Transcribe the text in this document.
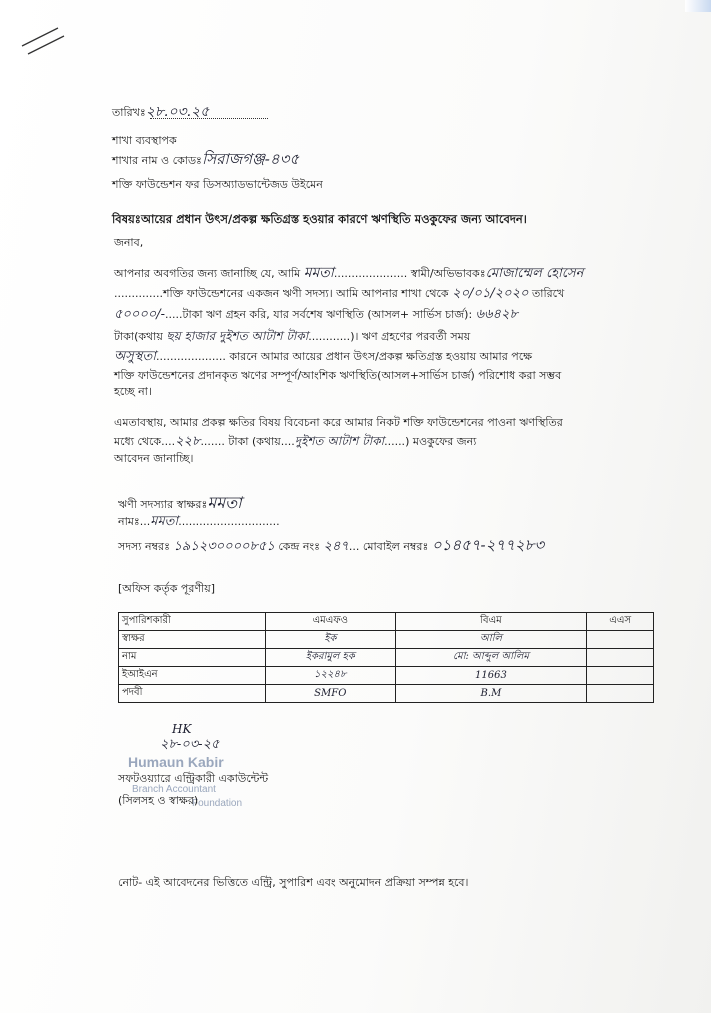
তারিখঃ২৮.০৩.২৫
শাখা ব্যবস্থাপক
শাখার নাম ও কোডঃসিরাজগঞ্জ-৪৩৫
শক্তি ফাউন্ডেশন ফর ডিসঅ্যাডভান্টেজড উইমেন
বিষয়ঃআয়ের প্রধান উৎস/প্রকল্প ক্ষতিগ্রস্ত হওয়ার কারণে ঋণস্থিতি মওকুফের জন্য আবেদন।
জনাব,
আপনার অবগতির জন্য জানাচ্ছি যে, আমি মমতা..................... স্বামী/অভিভাবকঃমোজাম্মেল হোসেন
..............শক্তি ফাউন্ডেশনের একজন ঋণী সদস্য। আমি আপনার শাখা থেকে ২০/০১/২০২০ তারিখে
৫০০০০/-.....টাকা ঋণ গ্রহন করি, যার সর্বশেষ ঋণস্থিতি (আসল+ সার্ভিস চার্জ): ৬৬৪২৮
টাকা(কথায় ছয় হাজার দুইশত আটাশ টাকা............)। ঋণ গ্রহণের পরবর্তী সময়
অসুস্থতা.................... কারনে আমার আয়ের প্রধান উৎস/প্রকল্প ক্ষতিগ্রস্ত হওয়ায় আমার পক্ষে
শক্তি ফাউন্ডেশনের প্রদানকৃত ঋণের সম্পূর্ণ/আংশিক ঋণস্থিতি(আসল+সার্ভিস চার্জ) পরিশোধ করা সম্ভব
হচ্ছে না।
এমতাবস্থায়, আমার প্রকল্প ক্ষতির বিষয় বিবেচনা করে আমার নিকট শক্তি ফাউন্ডেশনের পাওনা ঋণস্থিতির
মধ্যে থেকে....২২৮....... টাকা (কথায়....দুইশত আটাশ টাকা......) মওকুফের জন্য
আবেদন জানাচ্ছি।
ঋণী সদস্যার স্বাক্ষরঃমমতা
নামঃ...মমতা.............................
সদস্য নম্বরঃ ১৯১২৩০০০০৮৫১ কেন্দ্র নংঃ ২৪৭... মোবাইল নম্বরঃ ০১৪৫৭-২৭৭২৮৩
[অফিস কর্তৃক পূরণীয়]
সুপারিশকারী	এমএফও	বিএম	এএস
স্বাক্ষর	ইক	আলি	
নাম	ইকরামুল হক	মো: আব্দুল আলিম	
ইআইএন	১২২৪৮	11663	
পদবী	SMFO	B.M	
HK
২৮-০৩-২৫
Humaun Kabir
Branch Accountant
Foundation
সফটওয়্যারে এন্ট্রিকারী একাউন্টেন্ট
(সিলসহ ও স্বাক্ষর)
নোট- এই আবেদনের ভিত্তিতে এন্ট্রি, সুপারিশ এবং অনুমোদন প্রক্রিয়া সম্পন্ন হবে।
